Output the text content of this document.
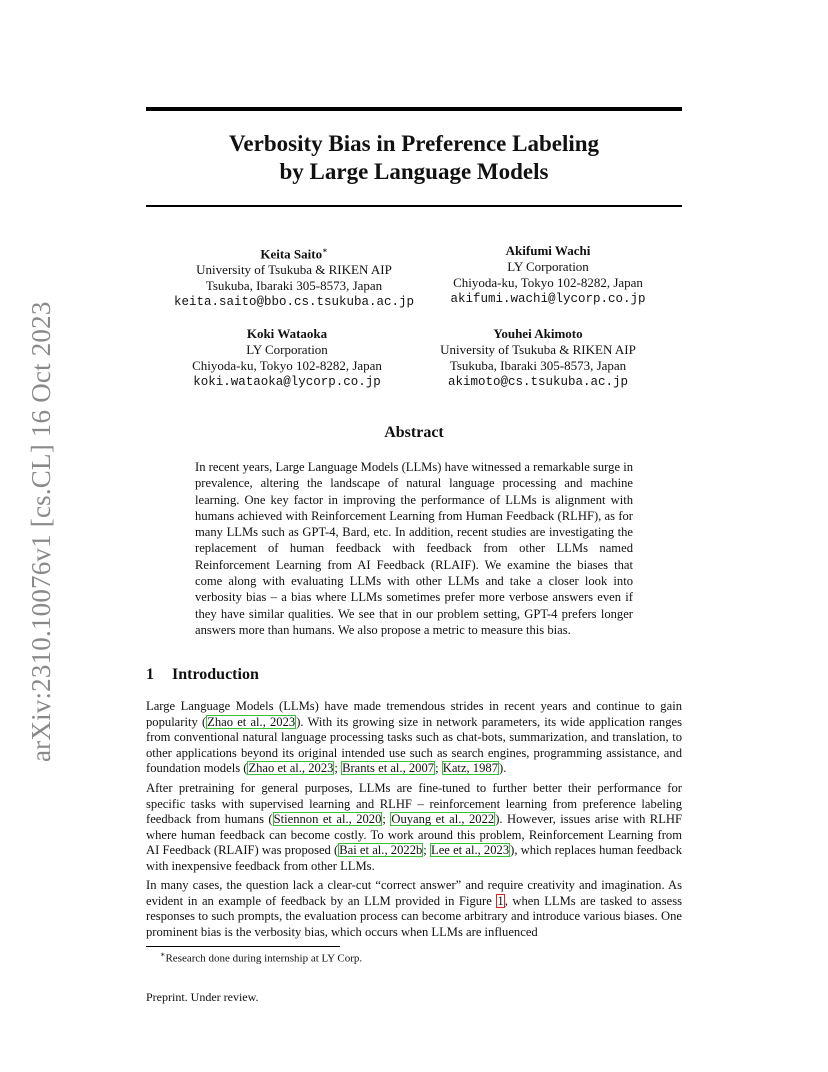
arXiv:2310.10076v1 [cs.CL] 16 Oct 2023
Verbosity Bias in Preference Labeling
by Large Language Models
Keita Saito∗
University of Tsukuba & RIKEN AIP
Tsukuba, Ibaraki 305-8573, Japan
keita.saito@bbo.cs.tsukuba.ac.jp
Akifumi Wachi
LY Corporation
Chiyoda-ku, Tokyo 102-8282, Japan
akifumi.wachi@lycorp.co.jp
Koki Wataoka
LY Corporation
Chiyoda-ku, Tokyo 102-8282, Japan
koki.wataoka@lycorp.co.jp
Youhei Akimoto
University of Tsukuba & RIKEN AIP
Tsukuba, Ibaraki 305-8573, Japan
akimoto@cs.tsukuba.ac.jp
Abstract
In recent years, Large Language Models (LLMs) have witnessed a remarkable surge in prevalence, altering the landscape of natural language processing and machine learning. One key factor in improving the performance of LLMs is alignment with humans achieved with Reinforcement Learning from Human Feedback (RLHF), as for many LLMs such as GPT-4, Bard, etc. In addition, recent studies are investigating the replacement of human feedback with feedback from other LLMs named Reinforcement Learning from AI Feedback (RLAIF). We examine the biases that come along with evaluating LLMs with other LLMs and take a closer look into verbosity bias – a bias where LLMs sometimes prefer more verbose answers even if they have similar qualities. We see that in our problem setting, GPT-4 prefers longer answers more than humans. We also propose a metric to measure this bias.
1 Introduction
Large Language Models (LLMs) have made tremendous strides in recent years and continue to gain popularity (Zhao et al., 2023). With its growing size in network parameters, its wide application ranges from conventional natural language processing tasks such as chat-bots, summarization, and translation, to other applications beyond its original intended use such as search engines, programming assistance, and foundation models (Zhao et al., 2023; Brants et al., 2007; Katz, 1987).
After pretraining for general purposes, LLMs are fine-tuned to further better their performance for specific tasks with supervised learning and RLHF – reinforcement learning from preference labeling feedback from humans (Stiennon et al., 2020; Ouyang et al., 2022). However, issues arise with RLHF where human feedback can become costly. To work around this problem, Reinforcement Learning from AI Feedback (RLAIF) was proposed (Bai et al., 2022b; Lee et al., 2023), which replaces human feedback with inexpensive feedback from other LLMs.
In many cases, the question lack a clear-cut “correct answer” and require creativity and imagination. As evident in an example of feedback by an LLM provided in Figure 1, when LLMs are tasked to assess responses to such prompts, the evaluation process can become arbitrary and introduce various biases. One prominent bias is the verbosity bias, which occurs when LLMs are influenced
∗Research done during internship at LY Corp.
Preprint. Under review.
